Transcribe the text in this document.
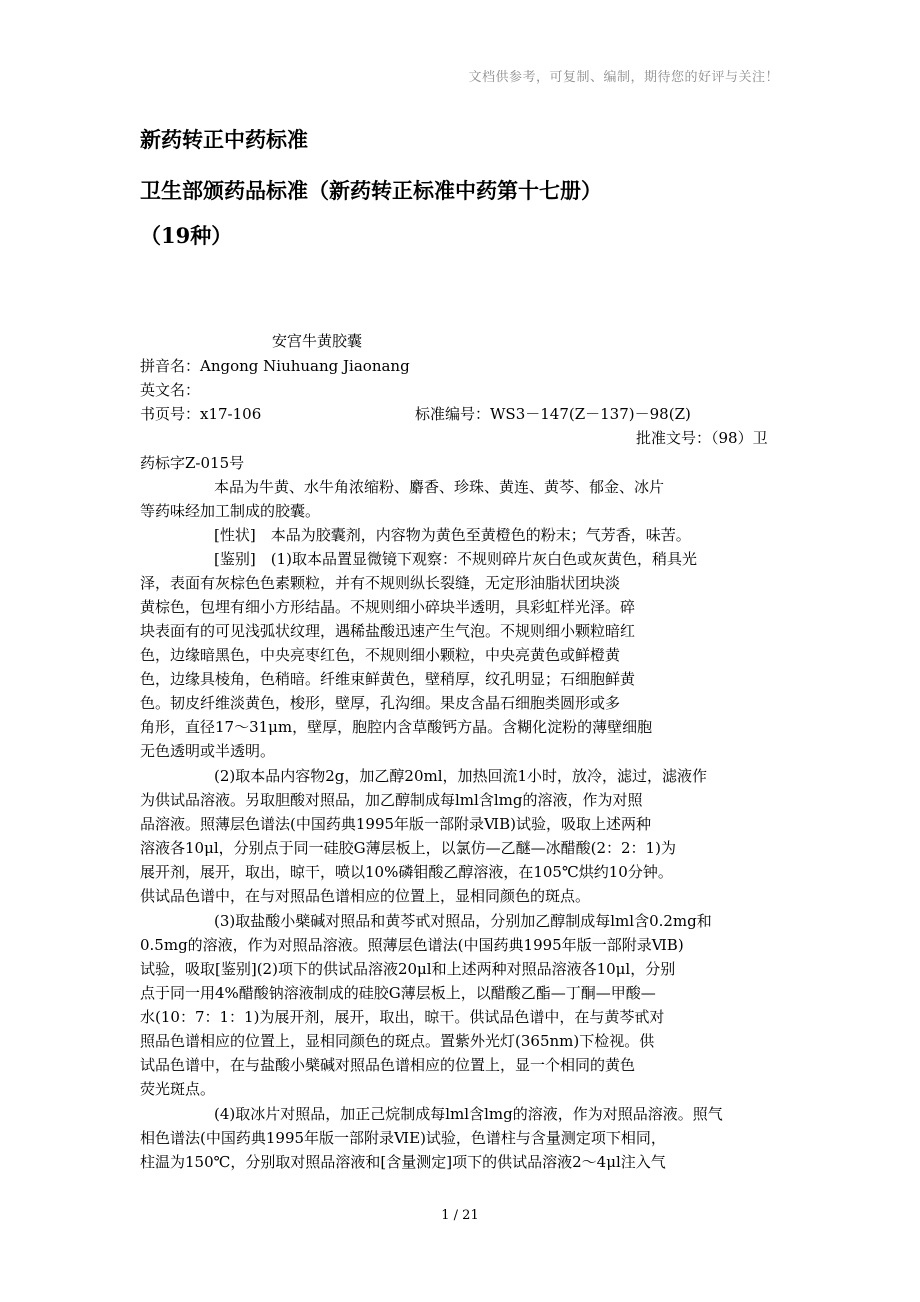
文档供参考，可复制、编制，期待您的好评与关注！
新药转正中药标准
卫生部颁药品标准（新药转正标准中药第十七册）
（19种）
安宫牛黄胶囊
拼音名：Angong Niuhuang Jiaonang
英文名：
书页号：x17-106	标准编号：WS3－147(Z－137)－98(Z)
批准文号：（98）卫
药标字Z-015号
本品为牛黄、水牛角浓缩粉、麝香、珍珠、黄连、黄芩、郁金、冰片
等药味经加工制成的胶囊。
[性状]　本品为胶囊剂，内容物为黄色至黄橙色的粉末；气芳香，味苦。
[鉴别]　(1)取本品置显微镜下观察：不规则碎片灰白色或灰黄色，稍具光
泽，表面有灰棕色色素颗粒，并有不规则纵长裂缝，无定形油脂状团块淡
黄棕色，包埋有细小方形结晶。不规则细小碎块半透明，具彩虹样光泽。碎
块表面有的可见浅弧状纹理，遇稀盐酸迅速产生气泡。不规则细小颗粒暗红
色，边缘暗黑色，中央亮枣红色，不规则细小颗粒，中央亮黄色或鲜橙黄
色，边缘具棱角，色稍暗。纤维束鲜黄色，壁稍厚，纹孔明显；石细胞鲜黄
色。韧皮纤维淡黄色，梭形，壁厚，孔沟细。果皮含晶石细胞类圆形或多
角形，直径17～31μm，壁厚，胞腔内含草酸钙方晶。含糊化淀粉的薄壁细胞
无色透明或半透明。
(2)取本品内容物2g，加乙醇20ml，加热回流1小时，放冷，滤过，滤液作
为供试品溶液。另取胆酸对照品，加乙醇制成每lml含lmg的溶液，作为对照
品溶液。照薄层色谱法(中国药典1995年版一部附录ⅥB)试验，吸取上述两种
溶液各10μl，分别点于同一硅胶G薄层板上，以氯仿—乙醚—冰醋酸(2：2：1)为
展开剂，展开，取出，晾干，喷以10%磷钼酸乙醇溶液，在105℃烘约10分钟。
供试品色谱中，在与对照品色谱相应的位置上，显相同颜色的斑点。
(3)取盐酸小檗碱对照品和黄芩甙对照品，分别加乙醇制成每lml含0.2mg和
0.5mg的溶液，作为对照品溶液。照薄层色谱法(中国药典1995年版一部附录ⅥB)
试验，吸取[鉴别](2)项下的供试品溶液20μl和上述两种对照品溶液各10μl，分别
点于同一用4%醋酸钠溶液制成的硅胶G薄层板上，以醋酸乙酯—丁酮—甲酸—
水(10：7：1：1)为展开剂，展开，取出，晾干。供试品色谱中，在与黄芩甙对
照品色谱相应的位置上，显相同颜色的斑点。置紫外光灯(365nm)下检视。供
试品色谱中，在与盐酸小檗碱对照品色谱相应的位置上，显一个相同的黄色
荧光斑点。
(4)取冰片对照品，加正己烷制成每lml含lmg的溶液，作为对照品溶液。照气
相色谱法(中国药典1995年版一部附录ⅥE)试验，色谱柱与含量测定项下相同，
柱温为150℃，分别取对照品溶液和[含量测定]项下的供试品溶液2～4μl注入气
1 / 21
